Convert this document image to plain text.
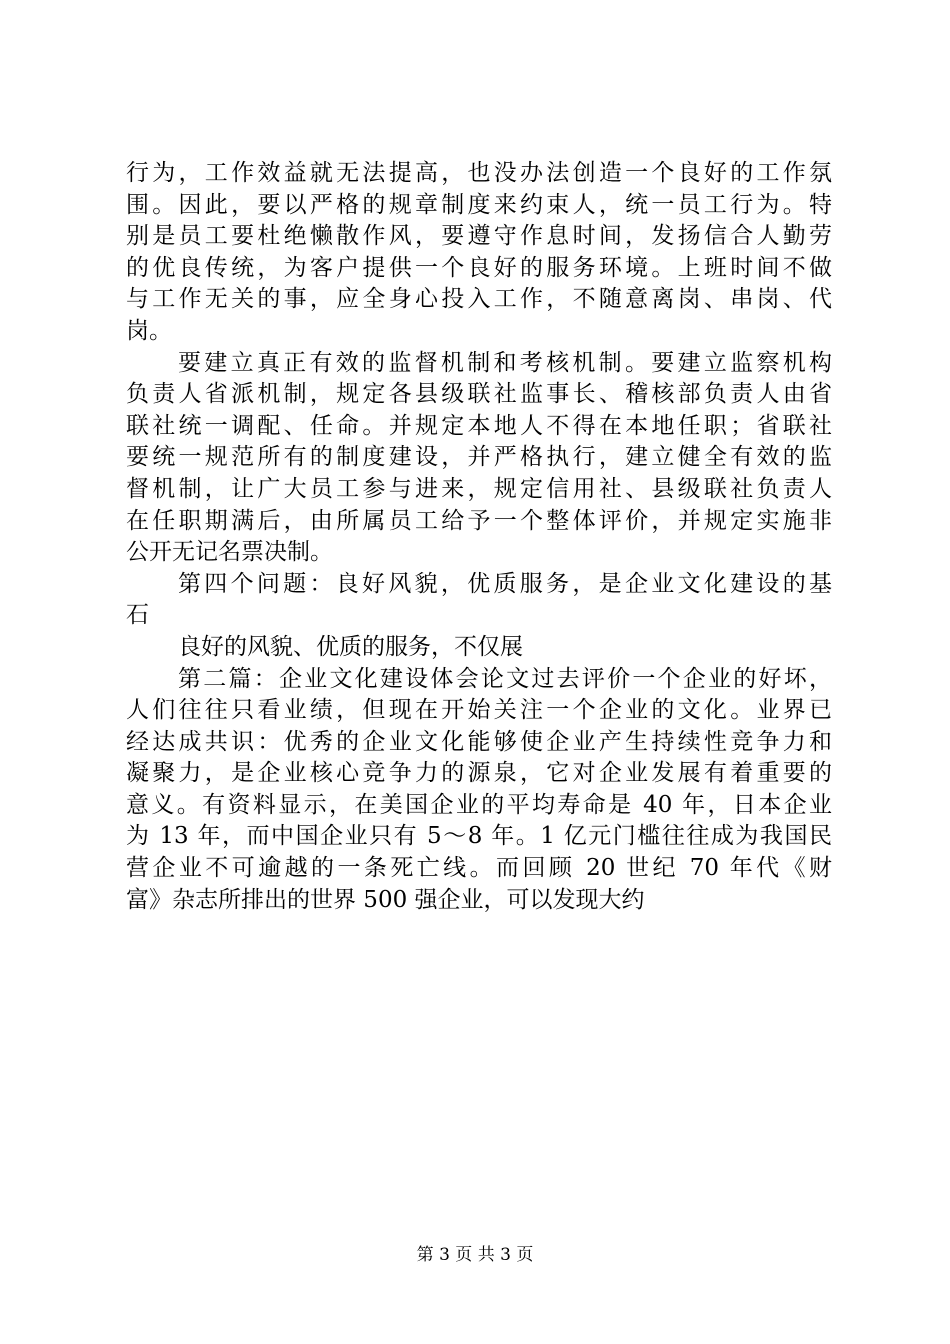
行为，工作效益就无法提高，也没办法创造一个良好的工作氛
围。因此，要以严格的规章制度来约束人，统一员工行为。特
别是员工要杜绝懒散作风，要遵守作息时间，发扬信合人勤劳
的优良传统，为客户提供一个良好的服务环境。上班时间不做
与工作无关的事，应全身心投入工作，不随意离岗、串岗、代
岗。
要建立真正有效的监督机制和考核机制。要建立监察机构
负责人省派机制，规定各县级联社监事长、稽核部负责人由省
联社统一调配、任命。并规定本地人不得在本地任职；省联社
要统一规范所有的制度建设，并严格执行，建立健全有效的监
督机制，让广大员工参与进来，规定信用社、县级联社负责人
在任职期满后，由所属员工给予一个整体评价，并规定实施非
公开无记名票决制。
第四个问题：良好风貌，优质服务，是企业文化建设的基
石
良好的风貌、优质的服务，不仅展
第二篇：企业文化建设体会论文过去评价一个企业的好坏，
人们往往只看业绩，但现在开始关注一个企业的文化。业界已
经达成共识：优秀的企业文化能够使企业产生持续性竞争力和
凝聚力，是企业核心竞争力的源泉，它对企业发展有着重要的
意义。有资料显示，在美国企业的平均寿命是 40 年，日本企业
为 13 年，而中国企业只有 5～8 年。1 亿元门槛往往成为我国民
营企业不可逾越的一条死亡线。而回顾 20 世纪 70 年代《财
富》杂志所排出的世界 500 强企业，可以发现大约
第 3 页 共 3 页
